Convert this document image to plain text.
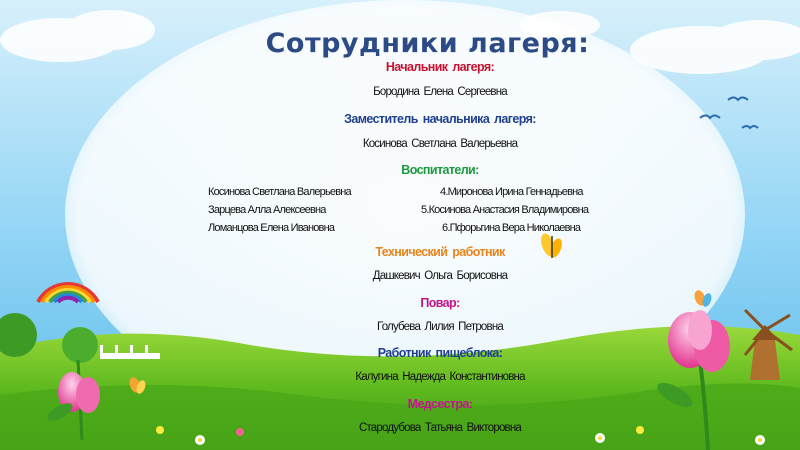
Сотрудники лагеря:
Начальник лагеря:
Бородина Елена Сергеевна
Заместитель начальника лагеря:
Косинова Светлана Валерьевна
Воспитатели:
Косинова Светлана Валерьевна
Зарцева Алла Алексеевна
Ломанцова Елена Ивановна
4.Миронова Ирина Геннадьевна
5.Косинова Анастасия Владимировна
6.Пфорьгина Вера Николаевна
Технический работник
Дашкевич Ольга Борисовна
Повар:
Голубева Лилия Петровна
Работник пищеблока:
Калугина Надежда Константиновна
Медсестра:
Стародубова Татьяна Викторовна
